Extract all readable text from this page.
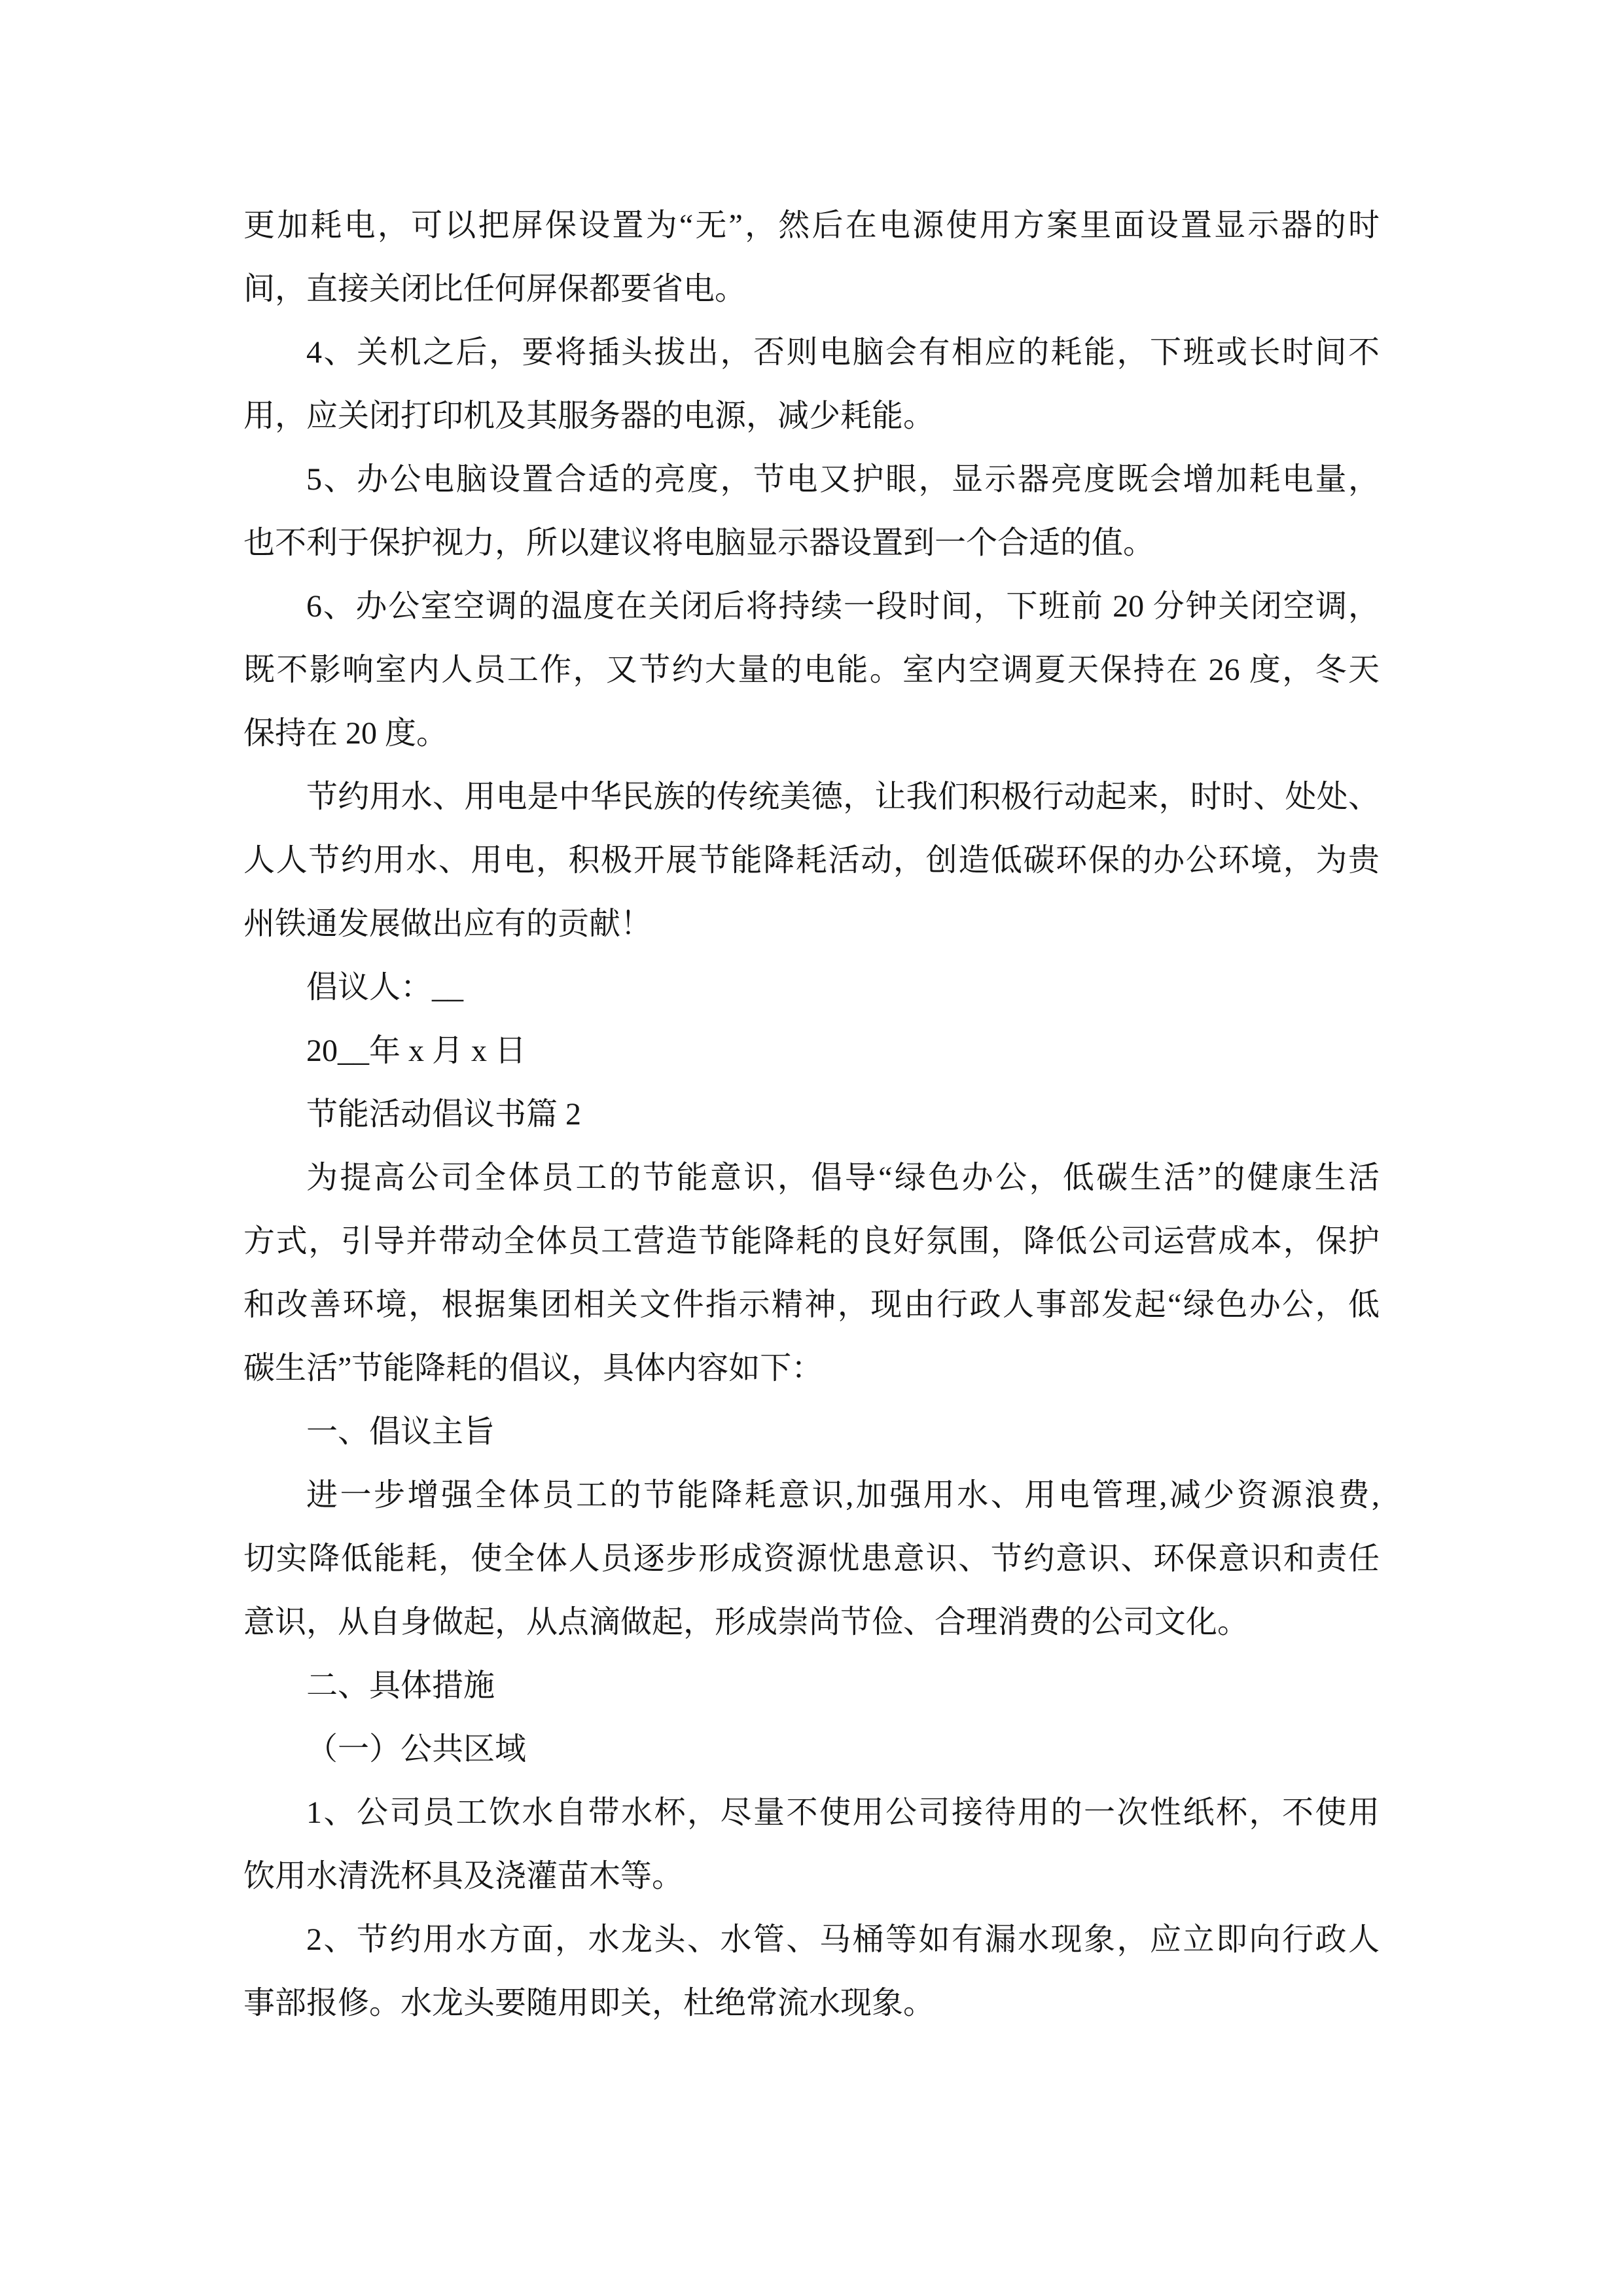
更加耗电，可以把屏保设置为“无”，然后在电源使用方案里面设置显示器的时
间，直接关闭比任何屏保都要省电。
4、关机之后，要将插头拔出，否则电脑会有相应的耗能，下班或长时间不
用，应关闭打印机及其服务器的电源，减少耗能。
5、办公电脑设置合适的亮度，节电又护眼，显示器亮度既会增加耗电量，
也不利于保护视力，所以建议将电脑显示器设置到一个合适的值。
6、办公室空调的温度在关闭后将持续一段时间，下班前 20 分钟关闭空调，
既不影响室内人员工作，又节约大量的电能。室内空调夏天保持在 26 度，冬天
保持在 20 度。
节约用水、用电是中华民族的传统美德，让我们积极行动起来，时时、处处、
人人节约用水、用电，积极开展节能降耗活动，创造低碳环保的办公环境，为贵
州铁通发展做出应有的贡献！
倡议人：__
20__年 x 月 x 日
节能活动倡议书篇 2
为提高公司全体员工的节能意识，倡导“绿色办公，低碳生活”的健康生活
方式，引导并带动全体员工营造节能降耗的良好氛围，降低公司运营成本，保护
和改善环境，根据集团相关文件指示精神，现由行政人事部发起“绿色办公，低
碳生活”节能降耗的倡议，具体内容如下：
一、倡议主旨
进一步增强全体员工的节能降耗意识,加强用水、用电管理,减少资源浪费,
切实降低能耗，使全体人员逐步形成资源忧患意识、节约意识、环保意识和责任
意识，从自身做起，从点滴做起，形成崇尚节俭、合理消费的公司文化。
二、具体措施
（一）公共区域
1、公司员工饮水自带水杯，尽量不使用公司接待用的一次性纸杯，不使用
饮用水清洗杯具及浇灌苗木等。
2、节约用水方面，水龙头、水管、马桶等如有漏水现象，应立即向行政人
事部报修。水龙头要随用即关，杜绝常流水现象。
